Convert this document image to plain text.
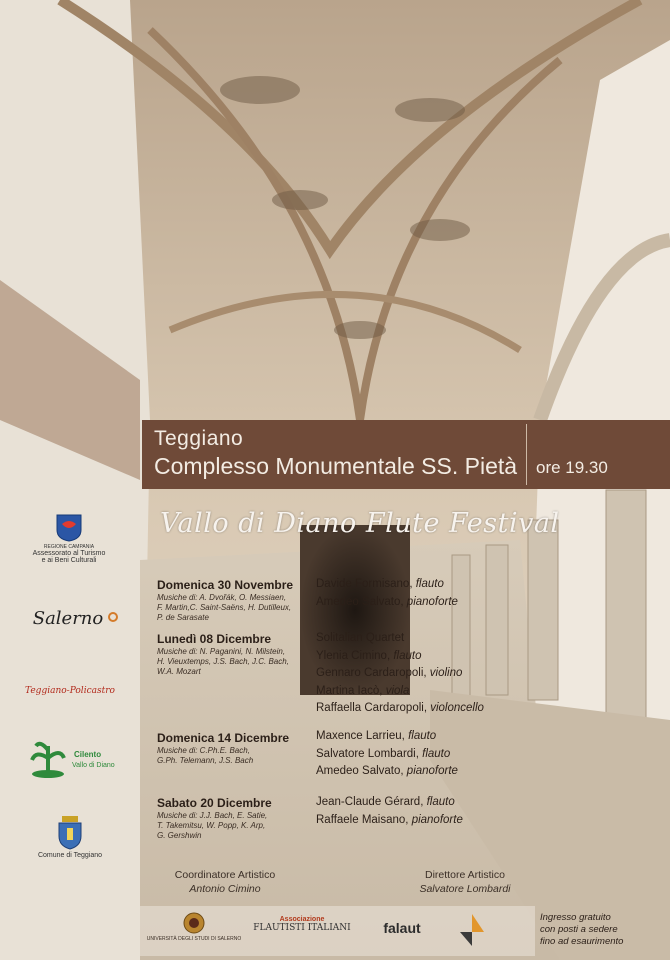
Teggiano
Complesso Monumentale SS. Pietà ore 19.30
Vallo di Diano Flute Festival
REGIONE CAMPANIA
Assessorato al Turismo
e ai Beni Culturali
Salerno
Teggiano-Policastro
Cilento
Vallo di Diano
Comune di Teggiano
Domenica 30 Novembre
Musiche di: A. Dvořák, O. Messiaen,
F. Martin,C. Saint-Saëns, H. Dutilleux,
P. de Sarasate
Davide Formisano, flauto
Amedeo Salvato, pianoforte
Lunedì 08 Dicembre
Musiche di: N. Paganini, N. Milstein,
H. Vieuxtemps, J.S. Bach, J.C. Bach,
W.A. Mozart
Solitalian Quartet
Ylenia Cimino, flauto
Gennaro Cardaropoli, violino
Martina Iacò, viola
Raffaella Cardaropoli, violoncello
Domenica 14 Dicembre
Musiche di: C.Ph.E. Bach,
G.Ph. Telemann, J.S. Bach
Maxence Larrieu, flauto
Salvatore Lombardi, flauto
Amedeo Salvato, pianoforte
Sabato 20 Dicembre
Musiche di: J.J. Bach, E. Satie,
T. Takemitsu, W. Popp, K. Arp,
G. Gershwin
Jean-Claude Gérard, flauto
Raffaele Maisano, pianoforte
Coordinatore Artistico
Antonio Cimino
Direttore Artistico
Salvatore Lombardi
UNIVERSITÀ DEGLI STUDI DI SALERNO
Associazione
FLAUTISTI ITALIANI	falaut
Ingresso gratuito
con posti a sedere
fino ad esaurimento
